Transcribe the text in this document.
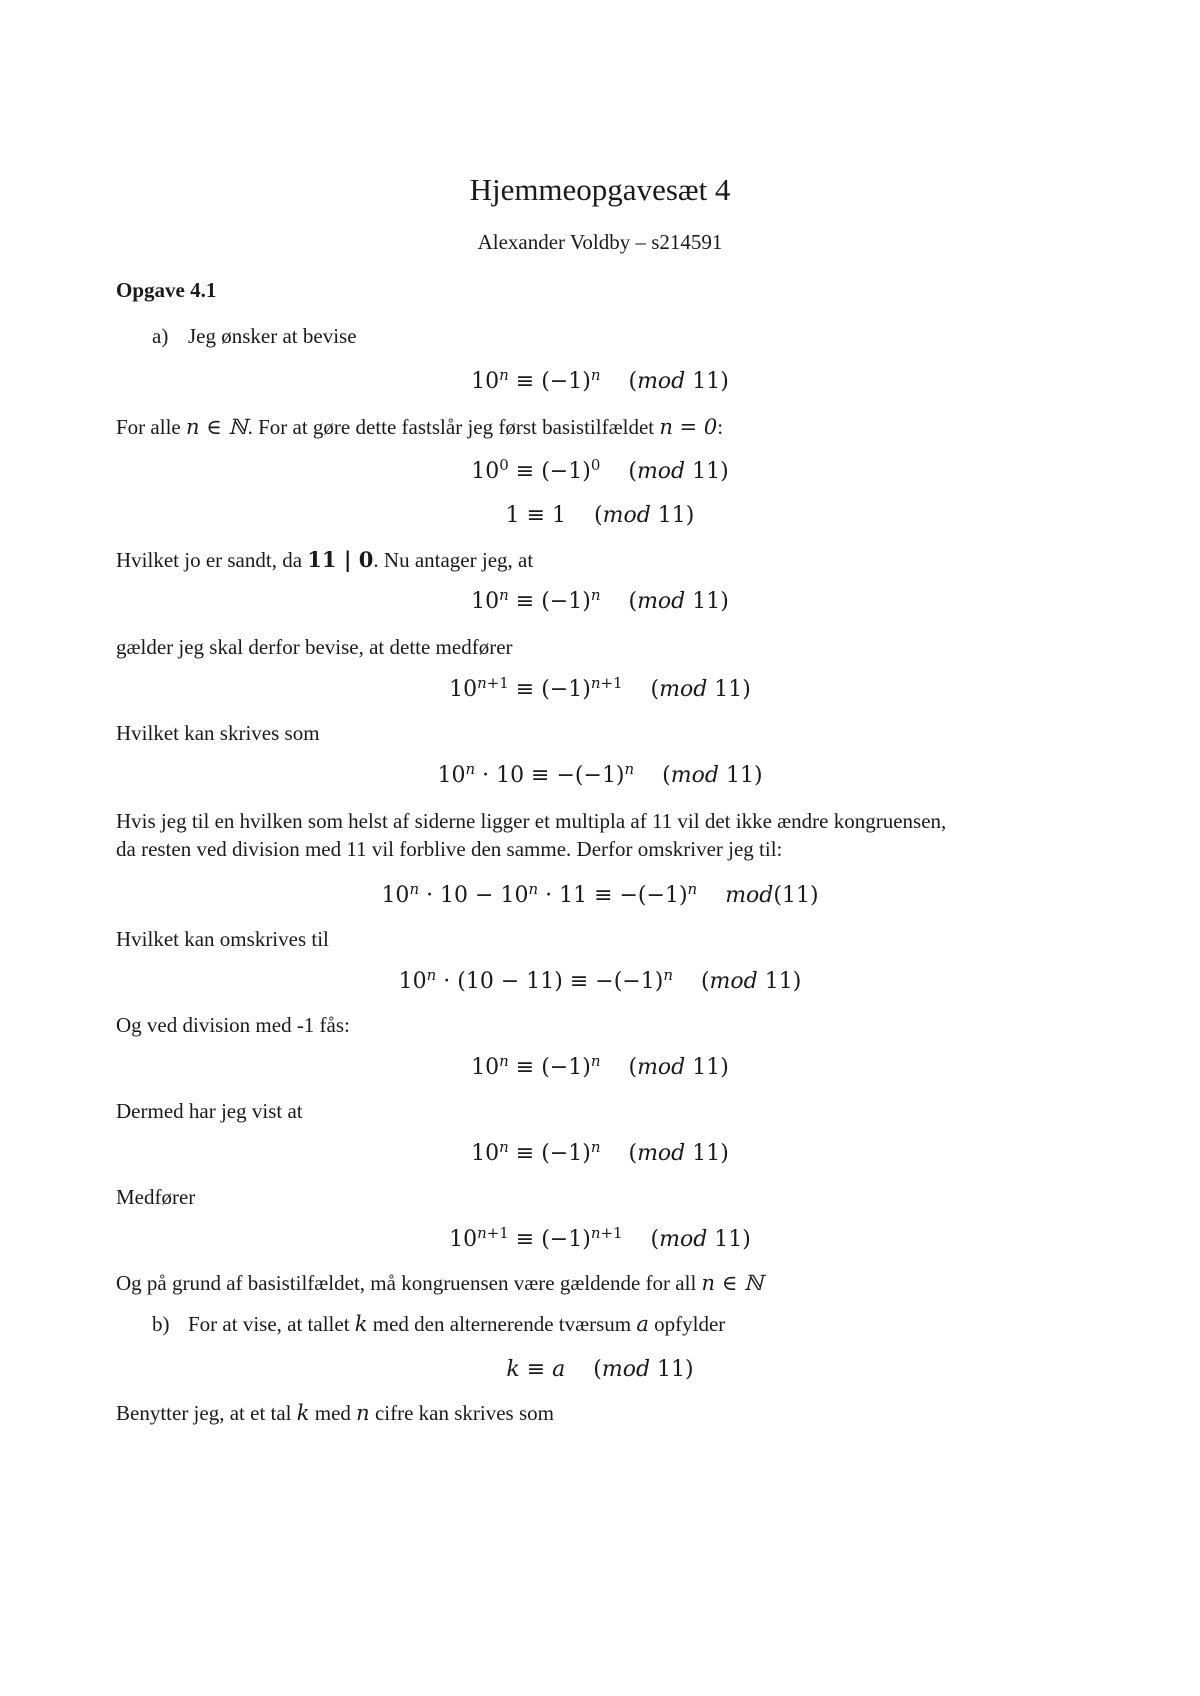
Hjemmeopgavesæt 4
Alexander Voldby – s214591
Opgave 4.1
a) Jeg ønsker at bevise
$10^n \equiv (-1)^n$ (mod 11)
For alle n ∈ ℕ. For at gøre dette fastslår jeg først basistilfældet n = 0:
$10^0 \equiv (-1)^0$ (mod 11)
1 ≡ 1 (mod 11)
Hvilket jo er sandt, da 11 | 0. Nu antager jeg, at
$10^n \equiv (-1)^n$ (mod 11)
gælder jeg skal derfor bevise, at dette medfører
$10^{n+1} \equiv (-1)^{n+1}$ (mod 11)
Hvilket kan skrives som
$10^n \cdot 10 \equiv -(-1)^n$ (mod 11)
Hvis jeg til en hvilken som helst af siderne ligger et multipla af 11 vil det ikke ændre kongruensen,
da resten ved division med 11 vil forblive den samme. Derfor omskriver jeg til:
$10^n \cdot 10 - 10^n \cdot 11 \equiv -(-1)^n$ mod(11)
Hvilket kan omskrives til
$10^n \cdot (10 - 11) \equiv -(-1)^n$ (mod 11)
Og ved division med -1 fås:
$10^n \equiv (-1)^n$ (mod 11)
Dermed har jeg vist at
$10^n \equiv (-1)^n$ (mod 11)
Medfører
$10^{n+1} \equiv (-1)^{n+1}$ (mod 11)
Og på grund af basistilfældet, må kongruensen være gældende for all n ∈ ℕ
b) For at vise, at tallet k med den alternerende tværsum a opfylder
k ≡ a (mod 11)
Benytter jeg, at et tal k med n cifre kan skrives som
